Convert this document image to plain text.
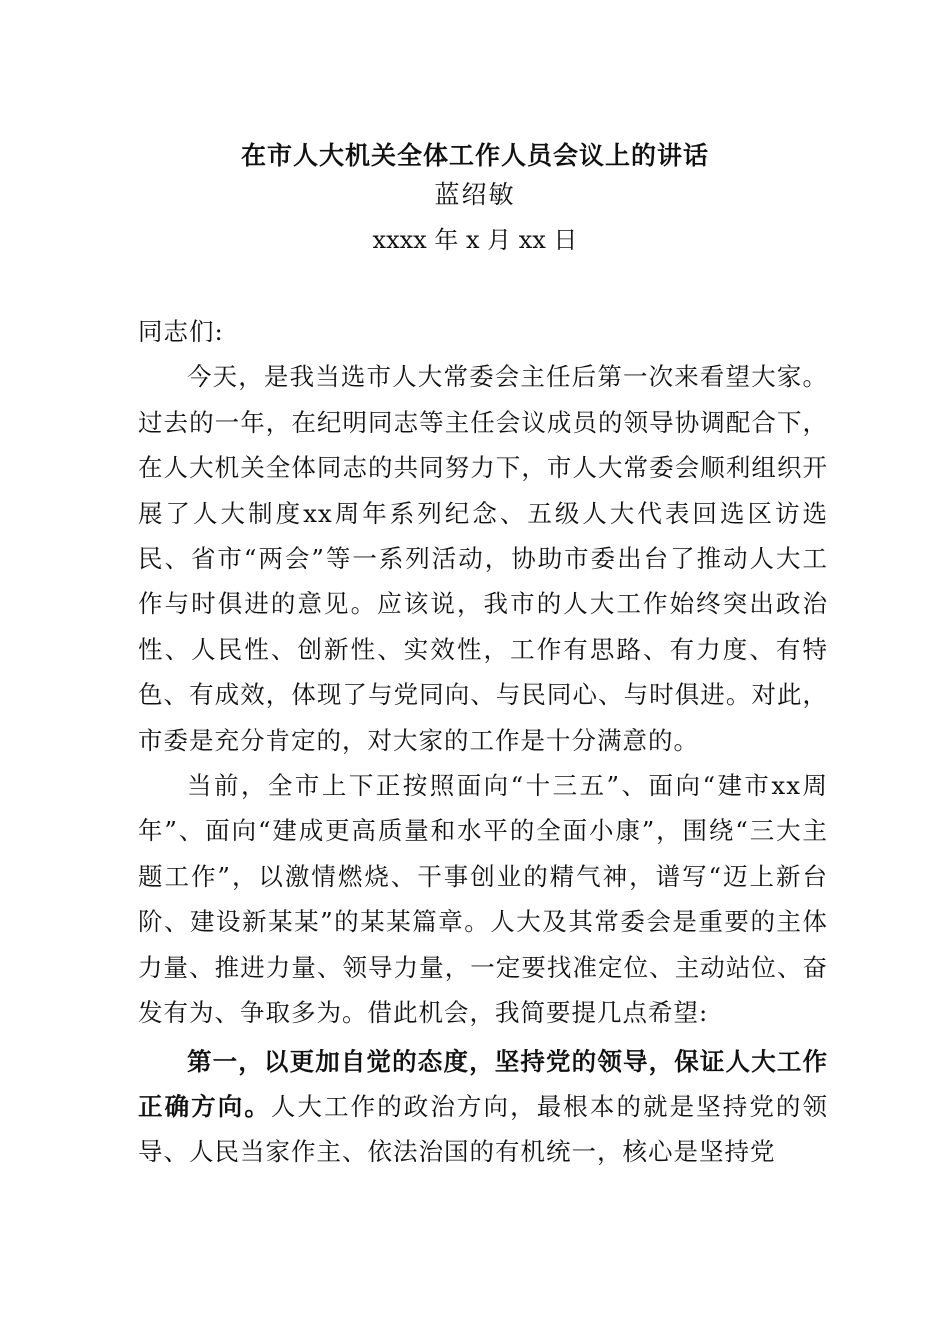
在市人大机关全体工作人员会议上的讲话
蓝绍敏
xxxx 年 x 月 xx 日

同志们:

今天，是我当选市人大常委会主任后第一次来看望大家。过去的一年，在纪明同志等主任会议成员的领导协调配合下，在人大机关全体同志的共同努力下，市人大常委会顺利组织开展了人大制度xx周年系列纪念、五级人大代表回选区访选民、省市“两会”等一系列活动，协助市委出台了推动人大工作与时俱进的意见。应该说，我市的人大工作始终突出政治性、人民性、创新性、实效性，工作有思路、有力度、有特色、有成效，体现了与党同向、与民同心、与时俱进。对此，市委是充分肯定的，对大家的工作是十分满意的。

当前，全市上下正按照面向“十三五”、面向“建市xx周年”、面向“建成更高质量和水平的全面小康”，围绕“三大主题工作”，以激情燃烧、干事创业的精气神，谱写“迈上新台阶、建设新某某”的某某篇章。人大及其常委会是重要的主体力量、推进力量、领导力量，一定要找准定位、主动站位、奋发有为、争取多为。借此机会，我简要提几点希望:

第一，以更加自觉的态度，坚持党的领导，保证人大工作正确方向。人大工作的政治方向，最根本的就是坚持党的领导、人民当家作主、依法治国的有机统一，核心是坚持党
